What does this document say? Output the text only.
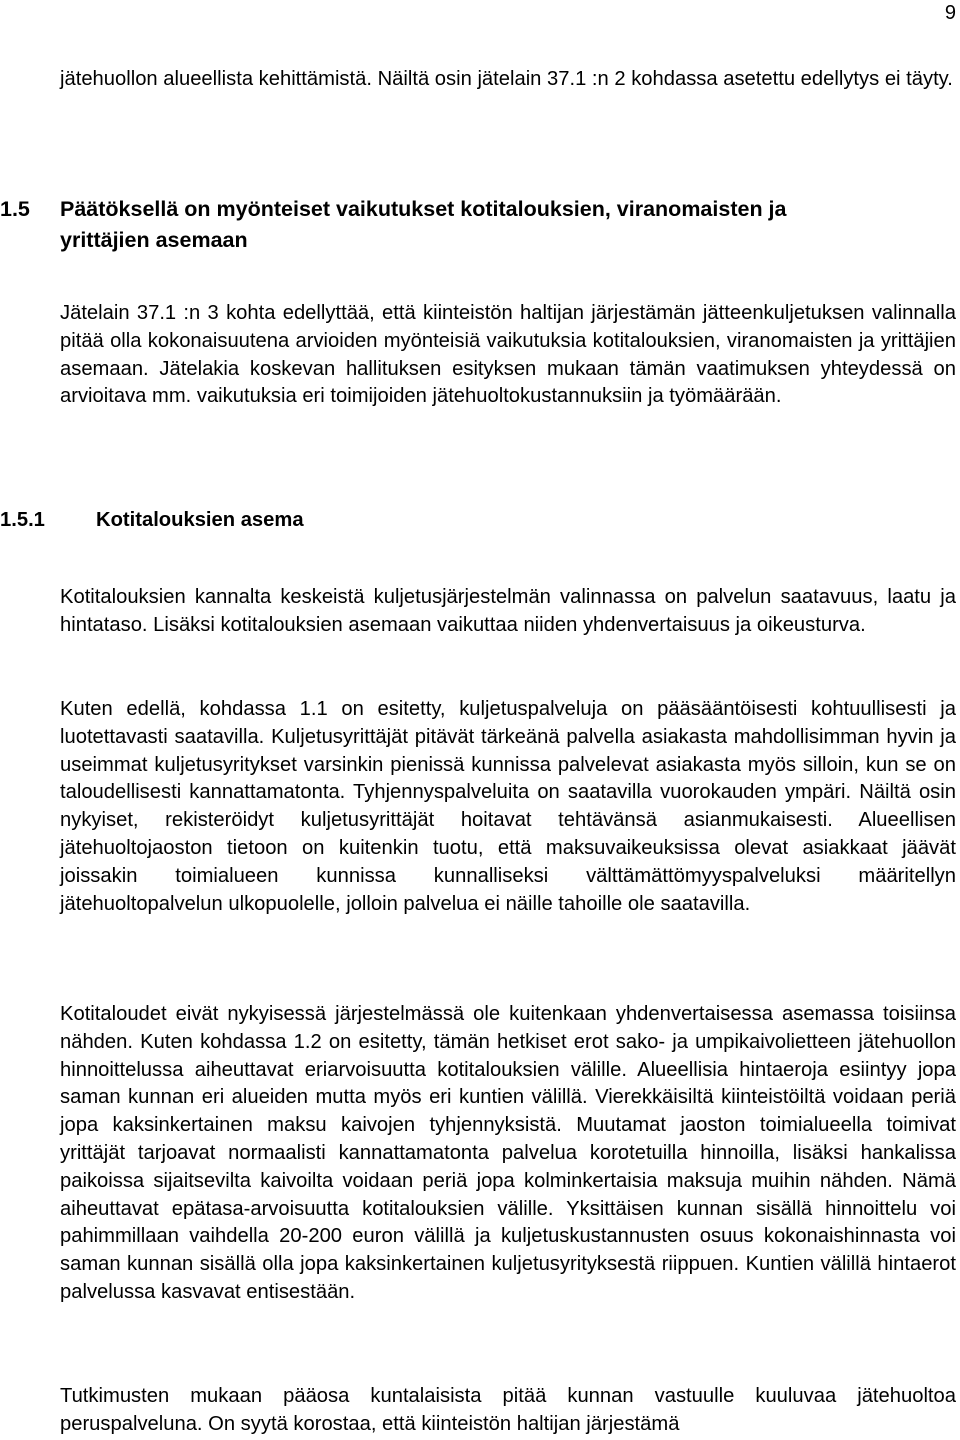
9

jätehuollon alueellista kehittämistä. Näiltä osin jätelain 37.1 :n 2 kohdassa asetettu edellytys ei täyty.

1.5 Päätöksellä on myönteiset vaikutukset kotitalouksien, viranomaisten ja
yrittäjien asemaan

Jätelain 37.1 :n 3 kohta edellyttää, että kiinteistön haltijan järjestämän jätteenkuljetuksen valinnalla pitää olla kokonaisuutena arvioiden myönteisiä vaikutuksia kotitalouksien, viranomaisten ja yrittäjien asemaan. Jätelakia koskevan hallituksen esityksen mukaan tämän vaatimuksen yhteydessä on arvioitava mm. vaikutuksia eri toimijoiden jätehuoltokustannuksiin ja työmäärään.

1.5.1	Kotitalouksien asema

Kotitalouksien kannalta keskeistä kuljetusjärjestelmän valinnassa on palvelun saatavuus, laatu ja hintataso. Lisäksi kotitalouksien asemaan vaikuttaa niiden yhdenvertaisuus ja oikeusturva.

Kuten edellä, kohdassa 1.1 on esitetty, kuljetuspalveluja on pääsääntöisesti kohtuullisesti ja luotettavasti saatavilla. Kuljetusyrittäjät pitävät tärkeänä palvella asiakasta mahdollisimman hyvin ja useimmat kuljetusyritykset varsinkin pienissä kunnissa palvelevat asiakasta myös silloin, kun se on taloudellisesti kannattamatonta. Tyhjennyspalveluita on saatavilla vuorokauden ympäri. Näiltä osin nykyiset, rekisteröidyt kuljetusyrittäjät hoitavat tehtävänsä asianmukaisesti. Alueellisen jätehuoltojaoston tietoon on kuitenkin tuotu, että maksuvaikeuksissa olevat asiakkaat jäävät joissakin toimialueen kunnissa kunnalliseksi välttämättömyyspalveluksi määritellyn jätehuoltopalvelun ulkopuolelle, jolloin palvelua ei näille tahoille ole saatavilla.

Kotitaloudet eivät nykyisessä järjestelmässä ole kuitenkaan yhdenvertaisessa asemassa toisiinsa nähden. Kuten kohdassa 1.2 on esitetty, tämän hetkiset erot sako- ja umpikaivolietteen jätehuollon hinnoittelussa aiheuttavat eriarvoisuutta kotitalouksien välille. Alueellisia hintaeroja esiintyy jopa saman kunnan eri alueiden mutta myös eri kuntien välillä. Vierekkäisiltä kiinteistöiltä voidaan periä jopa kaksinkertainen maksu kaivojen tyhjennyksistä. Muutamat jaoston toimialueella toimivat yrittäjät tarjoavat normaalisti kannattamatonta palvelua korotetuilla hinnoilla, lisäksi hankalissa paikoissa sijaitsevilta kaivoilta voidaan periä jopa kolminkertaisia maksuja muihin nähden. Nämä aiheuttavat epätasa-arvoisuutta kotitalouksien välille. Yksittäisen kunnan sisällä hinnoittelu voi pahimmillaan vaihdella 20-200 euron välillä ja kuljetuskustannusten osuus kokonaishinnasta voi saman kunnan sisällä olla jopa kaksinkertainen kuljetusyrityksestä riippuen. Kuntien välillä hintaerot palvelussa kasvavat entisestään.

Tutkimusten mukaan pääosa kuntalaisista pitää kunnan vastuulle kuuluvaa jätehuoltoa peruspalveluna. On syytä korostaa, että kiinteistön haltijan järjestämä
